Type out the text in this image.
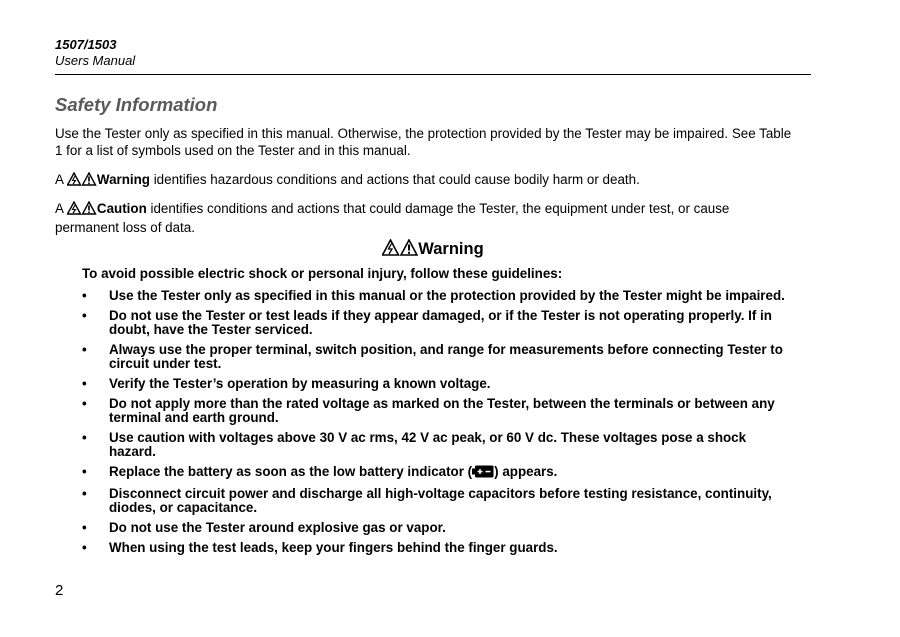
1507/1503
Users Manual
Safety Information
Use the Tester only as specified in this manual. Otherwise, the protection provided by the Tester may be impaired. See Table 1 for a list of symbols used on the Tester and in this manual.
A Warning identifies hazardous conditions and actions that could cause bodily harm or death.
A Caution identifies conditions and actions that could damage the Tester, the equipment under test, or cause permanent loss of data.
Warning
To avoid possible electric shock or personal injury, follow these guidelines:
• Use the Tester only as specified in this manual or the protection provided by the Tester might be impaired.
• Do not use the Tester or test leads if they appear damaged, or if the Tester is not operating properly. If in doubt, have the Tester serviced.
• Always use the proper terminal, switch position, and range for measurements before connecting Tester to circuit under test.
• Verify the Tester’s operation by measuring a known voltage.
• Do not apply more than the rated voltage as marked on the Tester, between the terminals or between any terminal and earth ground.
• Use caution with voltages above 30 V ac rms, 42 V ac peak, or 60 V dc. These voltages pose a shock hazard.
• Replace the battery as soon as the low battery indicator ( ) appears.
• Disconnect circuit power and discharge all high-voltage capacitors before testing resistance, continuity, diodes, or capacitance.
• Do not use the Tester around explosive gas or vapor.
• When using the test leads, keep your fingers behind the finger guards.
2
